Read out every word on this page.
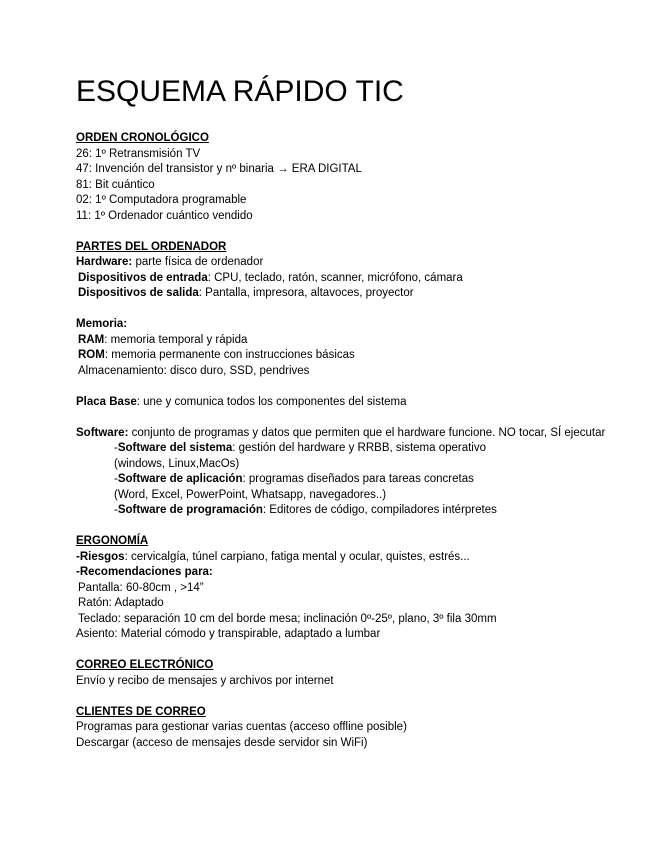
ESQUEMA RÁPIDO TIC
ORDEN CRONOLÓGICO
26: 1º Retransmisión TV
47: Invención del transistor y nº binaria → ERA DIGITAL
81: Bit cuántico
02: 1º Computadora programable
11: 1º Ordenador cuántico vendido
PARTES DEL ORDENADOR
Hardware: parte física de ordenador
Dispositivos de entrada: CPU, teclado, ratón, scanner, micrófono, cámara
Dispositivos de salida: Pantalla, impresora, altavoces, proyector
Memoria:
RAM: memoria temporal y rápida
ROM: memoria permanente con instrucciones básicas
Almacenamiento: disco duro, SSD, pendrives
Placa Base: une y comunica todos los componentes del sistema
Software: conjunto de programas y datos que permiten que el hardware funcione. NO tocar, SÍ ejecutar
-Software del sistema: gestión del hardware y RRBB, sistema operativo
(windows, Linux,MacOs)
-Software de aplicación: programas diseñados para tareas concretas
(Word, Excel, PowerPoint, Whatsapp, navegadores..)
-Software de programación: Editores de código, compiladores intérpretes
ERGONOMÍA
-Riesgos: cervicalgía, túnel carpiano, fatiga mental y ocular, quistes, estrés...
-Recomendaciones para:
Pantalla: 60-80cm , >14”
Ratón: Adaptado
Teclado: separación 10 cm del borde mesa; inclinación 0º-25º, plano, 3º fila 30mm
Asiento: Material cómodo y transpirable, adaptado a lumbar
CORREO ELECTRÓNICO
Envío y recibo de mensajes y archivos por internet
CLIENTES DE CORREO
Programas para gestionar varias cuentas (acceso offline posible)
Descargar (acceso de mensajes desde servidor sin WiFi)
